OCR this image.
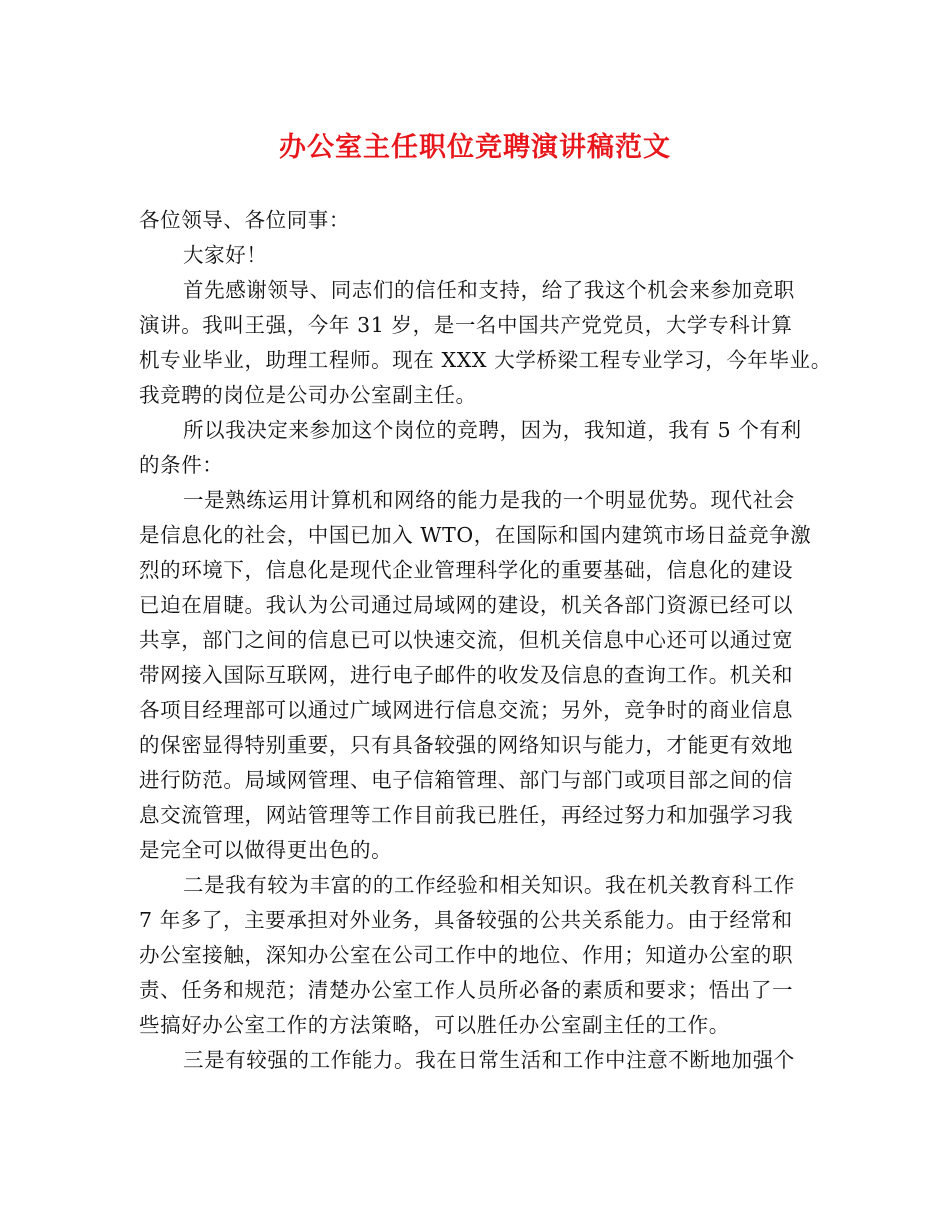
办公室主任职位竞聘演讲稿范文
各位领导、各位同事：
大家好！
首先感谢领导、同志们的信任和支持，给了我这个机会来参加竞职
演讲。我叫王强，今年 31 岁，是一名中国共产党党员，大学专科计算
机专业毕业，助理工程师。现在 XXX 大学桥梁工程专业学习，今年毕业。
我竞聘的岗位是公司办公室副主任。
所以我决定来参加这个岗位的竞聘，因为，我知道，我有 5 个有利
的条件：
一是熟练运用计算机和网络的能力是我的一个明显优势。现代社会
是信息化的社会，中国已加入 WTO，在国际和国内建筑市场日益竞争激
烈的环境下，信息化是现代企业管理科学化的重要基础，信息化的建设
已迫在眉睫。我认为公司通过局域网的建设，机关各部门资源已经可以
共享，部门之间的信息已可以快速交流，但机关信息中心还可以通过宽
带网接入国际互联网，进行电子邮件的收发及信息的查询工作。机关和
各项目经理部可以通过广域网进行信息交流；另外，竞争时的商业信息
的保密显得特别重要，只有具备较强的网络知识与能力，才能更有效地
进行防范。局域网管理、电子信箱管理、部门与部门或项目部之间的信
息交流管理，网站管理等工作目前我已胜任，再经过努力和加强学习我
是完全可以做得更出色的。
二是我有较为丰富的的工作经验和相关知识。我在机关教育科工作
7 年多了，主要承担对外业务，具备较强的公共关系能力。由于经常和
办公室接触，深知办公室在公司工作中的地位、作用；知道办公室的职
责、任务和规范；清楚办公室工作人员所必备的素质和要求；悟出了一
些搞好办公室工作的方法策略，可以胜任办公室副主任的工作。
三是有较强的工作能力。我在日常生活和工作中注意不断地加强个
